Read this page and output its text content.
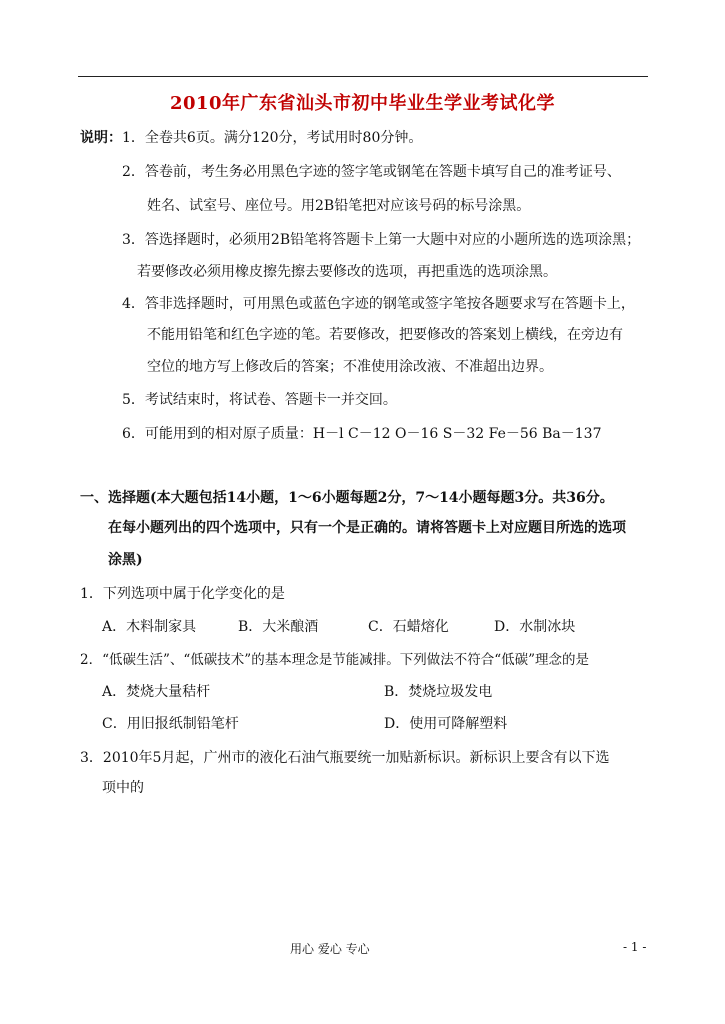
2010年广东省汕头市初中毕业生学业考试化学
说明： 1．全卷共6页。满分120分，考试用时80分钟。
2．答卷前，考生务必用黑色字迹的签字笔或钢笔在答题卡填写自己的准考证号、
姓名、试室号、座位号。用2B铅笔把对应该号码的标号涂黑。
3．答选择题时，必须用2B铅笔将答题卡上第一大题中对应的小题所选的选项涂黑；
若要修改必须用橡皮擦先擦去要修改的选项，再把重选的选项涂黑。
4．答非选择题时，可用黑色或蓝色字迹的钢笔或签字笔按各题要求写在答题卡上，
不能用铅笔和红色字迹的笔。若要修改，把要修改的答案划上横线，在旁边有
空位的地方写上修改后的答案；不准使用涂改液、不准超出边界。
5．考试结束时，将试卷、答题卡一并交回。
6．可能用到的相对原子质量：H－l C－12 O－16 S－32 Fe－56 Ba－137
一、选择题(本大题包括14小题，1～6小题每题2分，7～14小题每题3分。共36分。
在每小题列出的四个选项中，只有一个是正确的。请将答题卡上对应题目所选的选项
涂黑)
1．下列选项中属于化学变化的是
A．木料制家具	B．大米酿酒	C．石蜡熔化	D．水制冰块
2．“低碳生活”、“低碳技术”的基本理念是节能减排。下列做法不符合“低碳”理念的是
A．焚烧大量秸杆	B．焚烧垃圾发电
C．用旧报纸制铅笔杆	D．使用可降解塑料
3．2010年5月起，广州市的液化石油气瓶要统一加贴新标识。新标识上要含有以下选
项中的
用心 爱心 专心	- 1 -
